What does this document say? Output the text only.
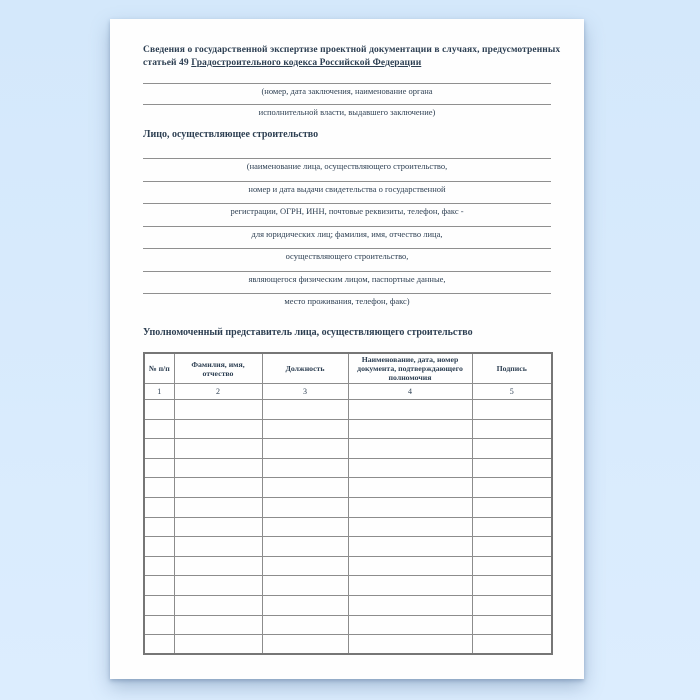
Сведения о государственной экспертизе проектной документации в случаях, предусмотренных
статьей 49 Градостроительного кодекса Российской Федерации

(номер, дата заключения, наименование органа
исполнительной власти, выдавшего заключение)
Лицо, осуществляющее строительство
(наименование лица, осуществляющего строительство,
номер и дата выдачи свидетельства о государственной
регистрации, ОГРН, ИНН, почтовые реквизиты, телефон, факс -
для юридических лиц; фамилия, имя, отчество лица,
осуществляющего строительство,
являющегося физическим лицом, паспортные данные,
место проживания, телефон, факс)
Уполномоченный представитель лица, осуществляющего строительство
№ п/п	Фамилия, имя, отчество	Должность	Наименование, дата, номер документа, подтверждающего полномочия	Подпись
1	2	3	4	5
